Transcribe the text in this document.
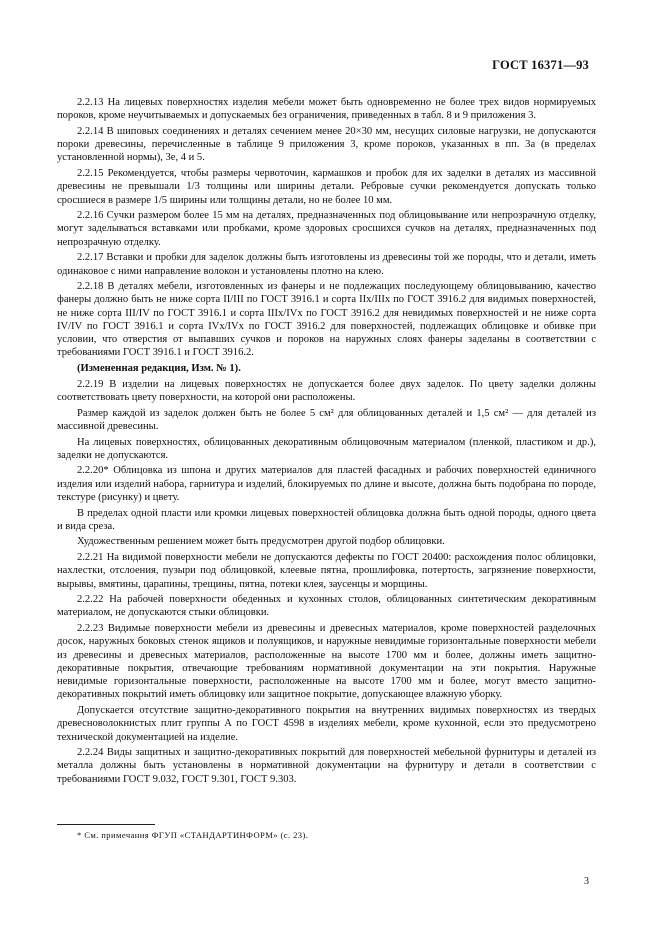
ГОСТ 16371—93

2.2.13 На лицевых поверхностях изделия мебели может быть одновременно не более трех видов нормируемых пороков, кроме неучитываемых и допускаемых без ограничения, приведенных в табл. 8 и 9 приложения 3.

2.2.14 В шиповых соединениях и деталях сечением менее 20×30 мм, несущих силовые нагрузки, не допускаются пороки древесины, перечисленные в таблице 9 приложения 3, кроме пороков, указанных в пп. 3а (в пределах установленной нормы), 3е, 4 и 5.

2.2.15 Рекомендуется, чтобы размеры червоточин, кармашков и пробок для их заделки в деталях из массивной древесины не превышали 1/3 толщины или ширины детали. Ребровые сучки рекомендуется допускать только сросшиеся в размере 1/5 ширины или толщины детали, но не более 10 мм.

2.2.16 Сучки размером более 15 мм на деталях, предназначенных под облицовывание или непрозрачную отделку, могут заделываться вставками или пробками, кроме здоровых сросшихся сучков на деталях, предназначенных под непрозрачную отделку.

2.2.17 Вставки и пробки для заделок должны быть изготовлены из древесины той же породы, что и детали, иметь одинаковое с ними направление волокон и установлены плотно на клею.

2.2.18 В деталях мебели, изготовленных из фанеры и не подлежащих последующему облицовыванию, качество фанеры должно быть не ниже сорта II/III по ГОСТ 3916.1 и сорта IIх/IIIх по ГОСТ 3916.2 для видимых поверхностей, не ниже сорта III/IV по ГОСТ 3916.1 и сорта IIIх/IVх по ГОСТ 3916.2 для невидимых поверхностей и не ниже сорта IV/IV по ГОСТ 3916.1 и сорта IVх/IVх по ГОСТ 3916.2 для поверхностей, подлежащих облицовке и обивке при условии, что отверстия от выпавших сучков и пороков на наружных слоях фанеры заделаны в соответствии с требованиями ГОСТ 3916.1 и ГОСТ 3916.2.

(Измененная редакция, Изм. № 1).

2.2.19 В изделии на лицевых поверхностях не допускается более двух заделок. По цвету заделки должны соответствовать цвету поверхности, на которой они расположены.

Размер каждой из заделок должен быть не более 5 см² для облицованных деталей и 1,5 см² — для деталей из массивной древесины.

На лицевых поверхностях, облицованных декоративным облицовочным материалом (пленкой, пластиком и др.), заделки не допускаются.

2.2.20* Облицовка из шпона и других материалов для пластей фасадных и рабочих поверхностей единичного изделия или изделий набора, гарнитура и изделий, блокируемых по длине и высоте, должна быть подобрана по породе, текстуре (рисунку) и цвету.

В пределах одной пласти или кромки лицевых поверхностей облицовка должна быть одной породы, одного цвета и вида среза.

Художественным решением может быть предусмотрен другой подбор облицовки.

2.2.21 На видимой поверхности мебели не допускаются дефекты по ГОСТ 20400: расхождения полос облицовки, нахлестки, отслоения, пузыри под облицовкой, клеевые пятна, прошлифовка, потертость, загрязнение поверхности, вырывы, вмятины, царапины, трещины, пятна, потеки клея, заусенцы и морщины.

2.2.22 На рабочей поверхности обеденных и кухонных столов, облицованных синтетическим декоративным материалом, не допускаются стыки облицовки.

2.2.23 Видимые поверхности мебели из древесины и древесных материалов, кроме поверхностей разделочных досок, наружных боковых стенок ящиков и полуящиков, и наружные невидимые горизонтальные поверхности мебели из древесины и древесных материалов, расположенные на высоте 1700 мм и более, должны иметь защитно-декоративные покрытия, отвечающие требованиям нормативной документации на эти покрытия. Наружные невидимые горизонтальные поверхности, расположенные на высоте 1700 мм и более, могут вместо защитно-декоративных покрытий иметь облицовку или защитное покрытие, допускающее влажную уборку.

Допускается отсутствие защитно-декоративного покрытия на внутренних видимых поверхностях из твердых древесноволокнистых плит группы А по ГОСТ 4598 в изделиях мебели, кроме кухонной, если это предусмотрено технической документацией на изделие.

2.2.24 Виды защитных и защитно-декоративных покрытий для поверхностей мебельной фурнитуры и деталей из металла должны быть установлены в нормативной документации на фурнитуру и детали в соответствии с требованиями ГОСТ 9.032, ГОСТ 9.301, ГОСТ 9.303.

* См. примечания ФГУП «СТАНДАРТИНФОРМ» (с. 23).
3
